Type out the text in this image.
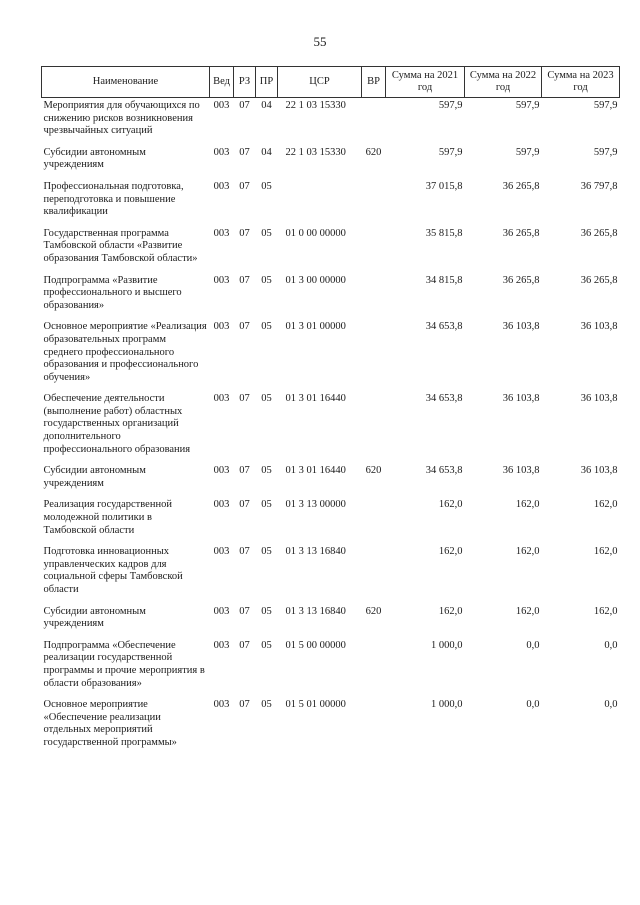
55
Наименование	Вед	РЗ	ПР	ЦСР	ВР	Сумма на 2021 год	Сумма на 2022 год	Сумма на 2023 год
Мероприятия для обучающихся по снижению рисков возникновения чрезвычайных ситуаций	003	07	04	22 1 03 15330		597,9	597,9	597,9
Субсидии автономным учреждениям	003	07	04	22 1 03 15330	620	597,9	597,9	597,9
Профессиональная подготовка, переподготовка и повышение квалификации	003	07	05			37 015,8	36 265,8	36 797,8
Государственная программа Тамбовской области «Развитие образования Тамбовской области»	003	07	05	01 0 00 00000		35 815,8	36 265,8	36 265,8
Подпрограмма «Развитие профессионального и высшего образования»	003	07	05	01 3 00 00000		34 815,8	36 265,8	36 265,8
Основное мероприятие «Реализация образовательных программ среднего профессионального образования и профессионального обучения»	003	07	05	01 3 01 00000		34 653,8	36 103,8	36 103,8
Обеспечение деятельности (выполнение работ) областных государственных организаций дополнительного профессионального образования	003	07	05	01 3 01 16440		34 653,8	36 103,8	36 103,8
Субсидии автономным учреждениям	003	07	05	01 3 01 16440	620	34 653,8	36 103,8	36 103,8
Реализация государственной молодежной политики в Тамбовской области	003	07	05	01 3 13 00000		162,0	162,0	162,0
Подготовка инновационных управленческих кадров для социальной сферы Тамбовской области	003	07	05	01 3 13 16840		162,0	162,0	162,0
Субсидии автономным учреждениям	003	07	05	01 3 13 16840	620	162,0	162,0	162,0
Подпрограмма «Обеспечение реализации государственной программы и прочие мероприятия в области образования»	003	07	05	01 5 00 00000		1 000,0	0,0	0,0
Основное мероприятие «Обеспечение реализации отдельных мероприятий государственной программы»	003	07	05	01 5 01 00000		1 000,0	0,0	0,0
